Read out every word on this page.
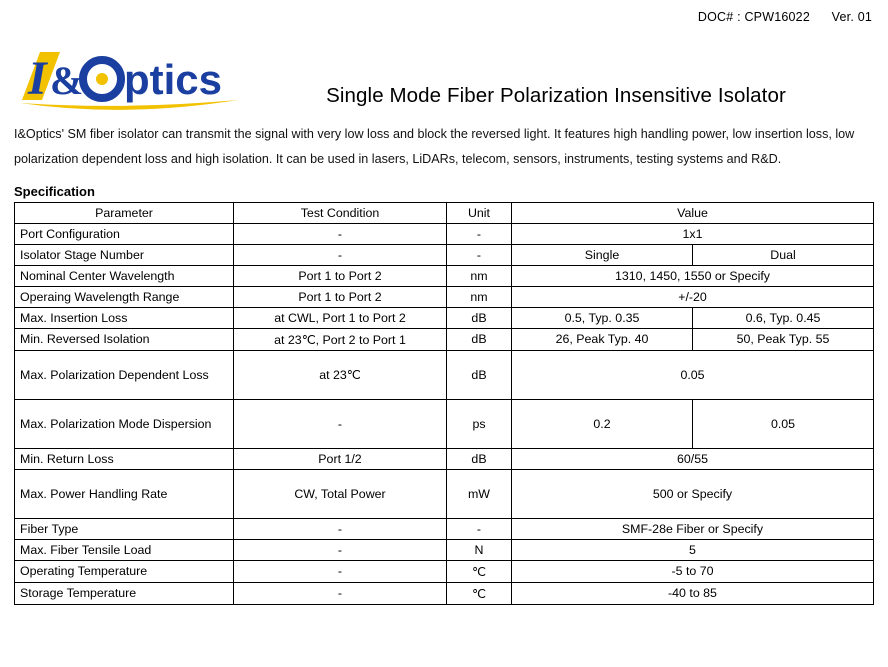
DOC# : CPW16022 Ver. 01
I & ptics	Single Mode Fiber Polarization Insensitive Isolator

I&Optics' SM fiber isolator can transmit the signal with very low loss and block the reversed light. It features high handling power, low insertion loss, low polarization dependent loss and high isolation. It can be used in lasers, LiDARs, telecom, sensors, instruments, testing systems and R&D.

Specification
Parameter	Test Condition	Unit	Value	
Port Configuration	-	-	1x1	
Isolator Stage Number	-	-	Single	Dual
Nominal Center Wavelength	Port 1 to Port 2	nm	1310, 1450, 1550 or Specify	
Operaing Wavelength Range	Port 1 to Port 2	nm	+/-20	
Max. Insertion Loss	at CWL, Port 1 to Port 2	dB	0.5, Typ. 0.35	0.6, Typ. 0.45
Min. Reversed Isolation	at 23℃, Port 2 to Port 1	dB	26, Peak Typ. 40	50, Peak Typ. 55
Max. Polarization Dependent Loss	at 23℃	dB	0.05	
Max. Polarization Mode Dispersion	-	ps	0.2	0.05
Min. Return Loss	Port 1/2	dB	60/55	
Max. Power Handling Rate	CW, Total Power	mW	500 or Specify	
Fiber Type	-	-	SMF-28e Fiber or Specify	
Max. Fiber Tensile Load	-	N	5	
Operating Temperature	-	℃	-5 to 70	
Storage Temperature	-	℃	-40 to 85	
